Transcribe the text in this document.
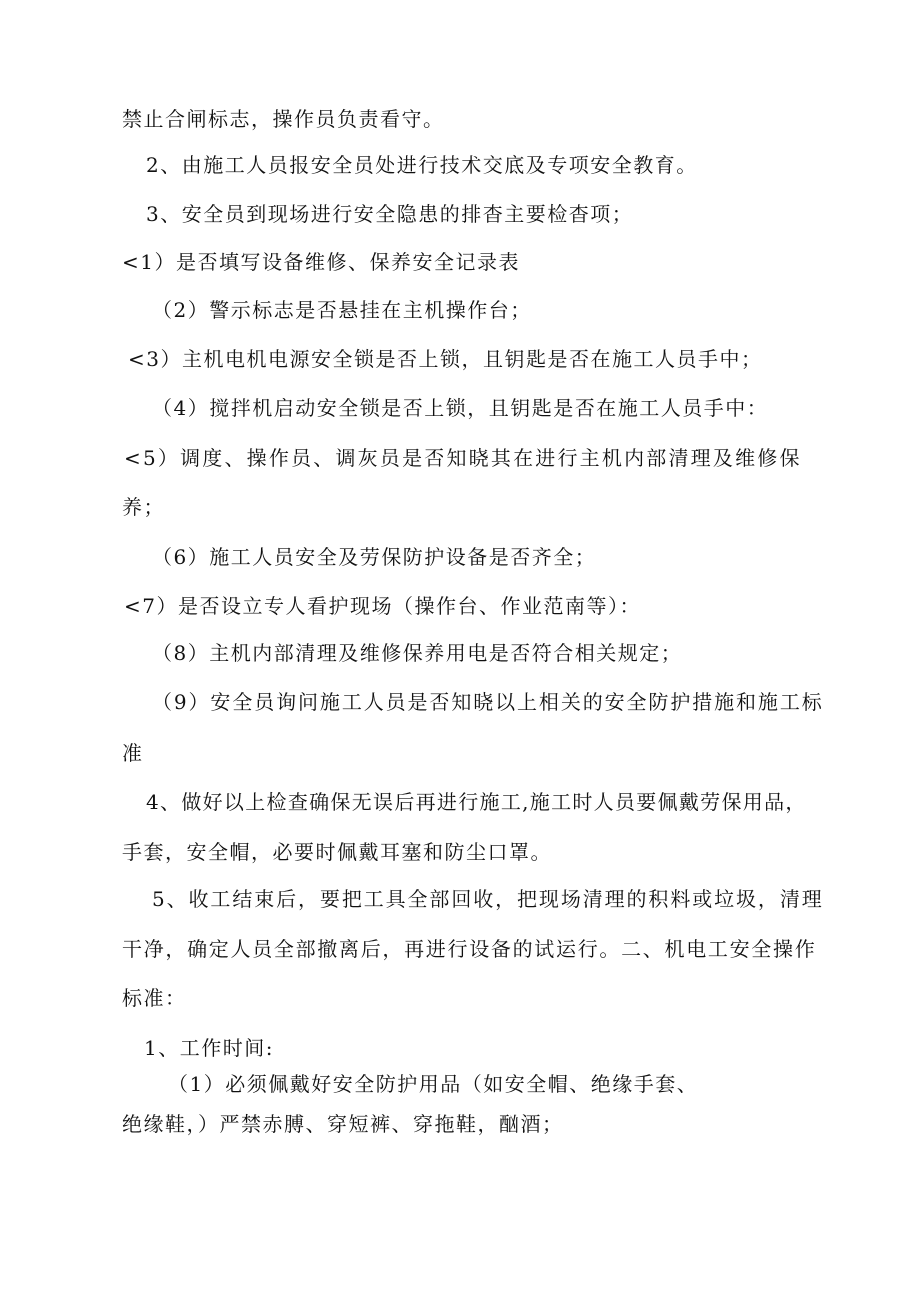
禁止合闸标志，操作员负责看守。
2、由施工人员报安全员处进行技术交底及专项安全教育。
3、安全员到现场进行安全隐患的排杳主要检杳项；
<1）是否填写设备维修、保养安全记录表
（2）警示标志是否悬挂在主机操作台；
<3）主机电机电源安全锁是否上锁，且钥匙是否在施工人员手中；
（4）搅拌机启动安全锁是否上锁，且钥匙是否在施工人员手中：
<5）调度、操作员、调灰员是否知晓其在进行主机内部清理及维修保
养；
（6）施工人员安全及劳保防护设备是否齐全；
<7）是否设立专人看护现场（操作台、作业范南等）：
（8）主机内部清理及维修保养用电是否符合相关规定；
（9）安全员询问施工人员是否知晓以上相关的安全防护措施和施工标
准
4、做好以上检查确保无误后再进行施工,施工时人员要佩戴劳保用品，
手套，安全帽，必要时佩戴耳塞和防尘口罩。
5、收工结束后，要把工具全部回收，把现场清理的积料或垃圾，清理
干净，确定人员全部撤离后，再进行设备的试运行。二、机电工安全操作
标准：
1、工作时间:
（1）必须佩戴好安全防护用品（如安全帽、绝缘手套、
绝缘鞋，）严禁赤膊、穿短裤、穿拖鞋，酗酒；
